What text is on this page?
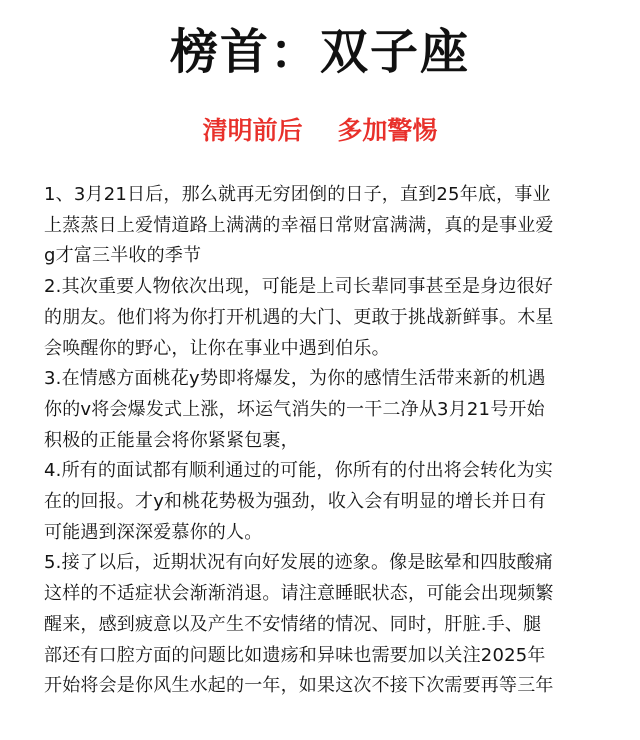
榜首：双子座
清明前后    多加警惕
1、3月21日后，那么就再无穷团倒的日子，直到25年底，事业
上蒸蒸日上爱情道路上满满的幸福日常财富满满，真的是事业爱
g才富三半收的季节
2.其次重要人物依次出现，可能是上司长辈同事甚至是身边很好
的朋友。他们将为你打开机遇的大门、更敢于挑战新鲜事。木星
会唤醒你的野心，让你在事业中遇到伯乐。
3.在情感方面桃花y势即将爆发，为你的感情生活带来新的机遇
你的v将会爆发式上涨，坏运气消失的一干二净从3月21号开始
积极的正能量会将你紧紧包裹，
4.所有的面试都有顺利通过的可能，你所有的付出将会转化为实
在的回报。才y和桃花势极为强劲，收入会有明显的增长并日有
可能遇到深深爱慕你的人。
5.接了以后，近期状况有向好发展的迹象。像是眩晕和四肢酸痛
这样的不适症状会渐渐消退。请注意睡眠状态，可能会出现频繁
醒来，感到疲意以及产生不安情绪的情况、同时，肝脏.手、腿
部还有口腔方面的问题比如遗疡和异味也需要加以关注2025年
开始将会是你风生水起的一年，如果这次不接下次需要再等三年
